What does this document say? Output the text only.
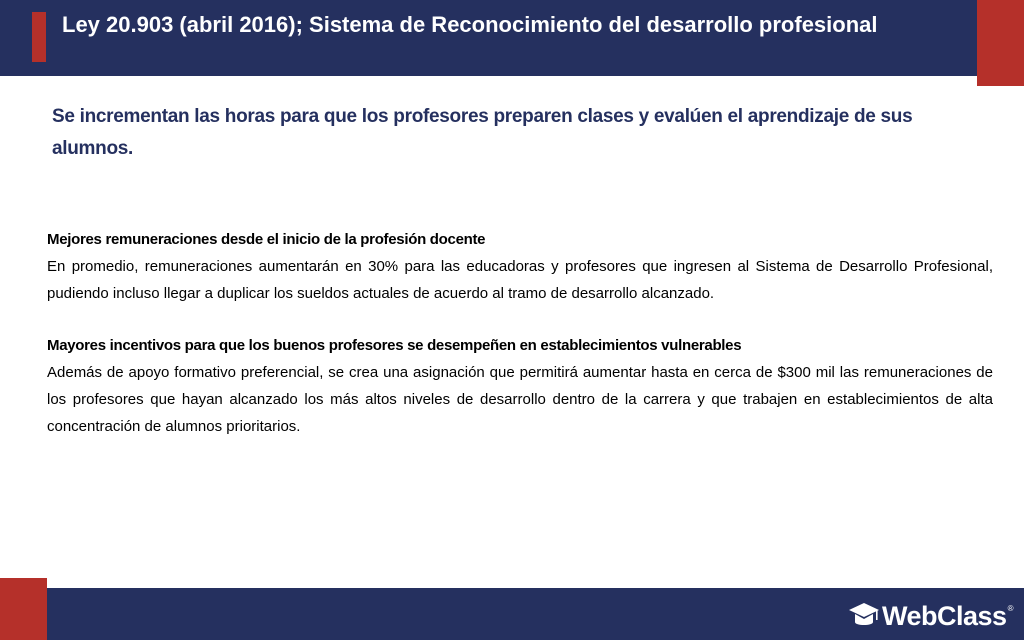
Ley 20.903 (abril 2016); Sistema de Reconocimiento del desarrollo profesional

Se incrementan las horas para que los profesores preparen clases y evalúen el aprendizaje de sus alumnos.

Mejores remuneraciones desde el inicio de la profesión docente
En promedio, remuneraciones aumentarán en 30% para las educadoras y profesores que ingresen al Sistema de Desarrollo Profesional, pudiendo incluso llegar a duplicar los sueldos actuales de acuerdo al tramo de desarrollo alcanzado.

Mayores incentivos para que los buenos profesores se desempeñen en establecimientos vulnerables
Además de apoyo formativo preferencial, se crea una asignación que permitirá aumentar hasta en cerca de $300 mil las remuneraciones de los profesores que hayan alcanzado los más altos niveles de desarrollo dentro de la carrera y que trabajen en establecimientos de alta concentración de alumnos prioritarios.

WebClass ®
